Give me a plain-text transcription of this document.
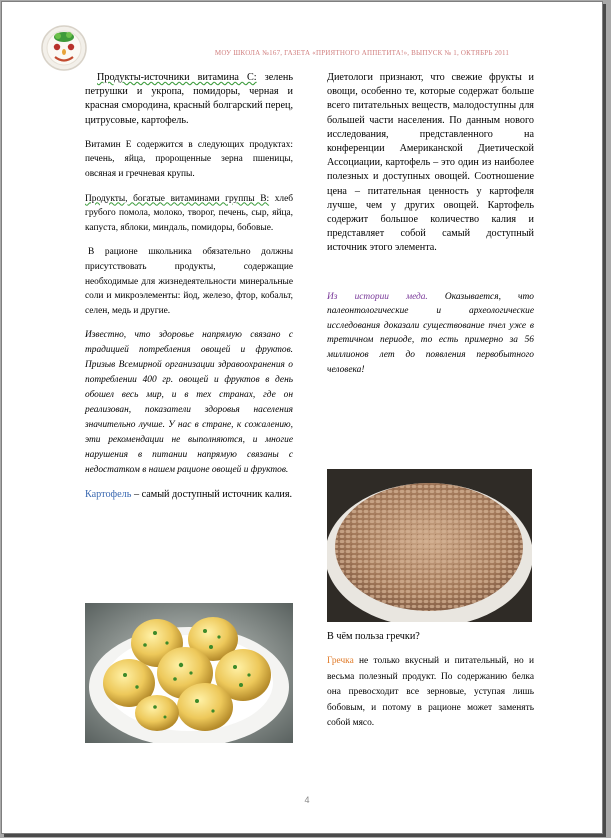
МОУ ШКОЛА №167, ГАЗЕТА «ПРИЯТНОГО АППЕТИТА!», ВЫПУСК № 1, ОКТЯБРЬ 2011

Продукты-источники витамина С: зелень петрушки и укропа, помидоры, черная и красная смородина, красный болгарский перец, цитрусовые, картофель.

Витамин Е содержится в следующих продуктах: печень, яйца, пророщенные зерна пшеницы, овсяная и гречневая крупы.

Продукты, богатые витаминами группы В: хлеб грубого помола, молоко, творог, печень, сыр, яйца, капуста, яблоки, миндаль, помидоры, бобовые.

В рационе школьника обязательно должны присутствовать продукты, содержащие необходимые для жизнедеятельности минеральные соли и микроэлементы: йод, железо, фтор, кобальт, селен, медь и другие.

Известно, что здоровье напрямую связано с традицией потребления овощей и фруктов. Призыв Всемирной организации здравоохранения о потреблении 400 гр. овощей и фруктов в день обошел весь мир, и в тех странах, где он реализован, показатели здоровья населения значительно лучше. У нас в стране, к сожалению, эти рекомендации не выполняются, и многие нарушения в питании напрямую связаны с недостатком в нашем рационе овощей и фруктов.

Картофель – самый доступный источник калия.

Диетологи признают, что свежие фрукты и овощи, особенно те, которые содержат больше всего питательных веществ, малодоступны для большей части населения. По данным нового исследования, представленного на конференции Американской Диетической Ассоциации, картофель – это один из наиболее полезных и доступных овощей. Соотношение цена – питательная ценность у картофеля лучше, чем у других овощей. Картофель содержит большое количество калия и представляет собой самый доступный источник этого элемента.

Из истории меда. Оказывается, что палеонтологические и археологические исследования доказали существование пчел уже в третичном периоде, то есть примерно за 56 миллионов лет до появления первобытного человека!

В чём польза гречки?

Гречка не только вкусный и питательный, но и весьма полезный продукт. По содержанию белка она превосходит все зерновые, уступая лишь бобовым, и потому в рационе может заменять собой мясо.

4
